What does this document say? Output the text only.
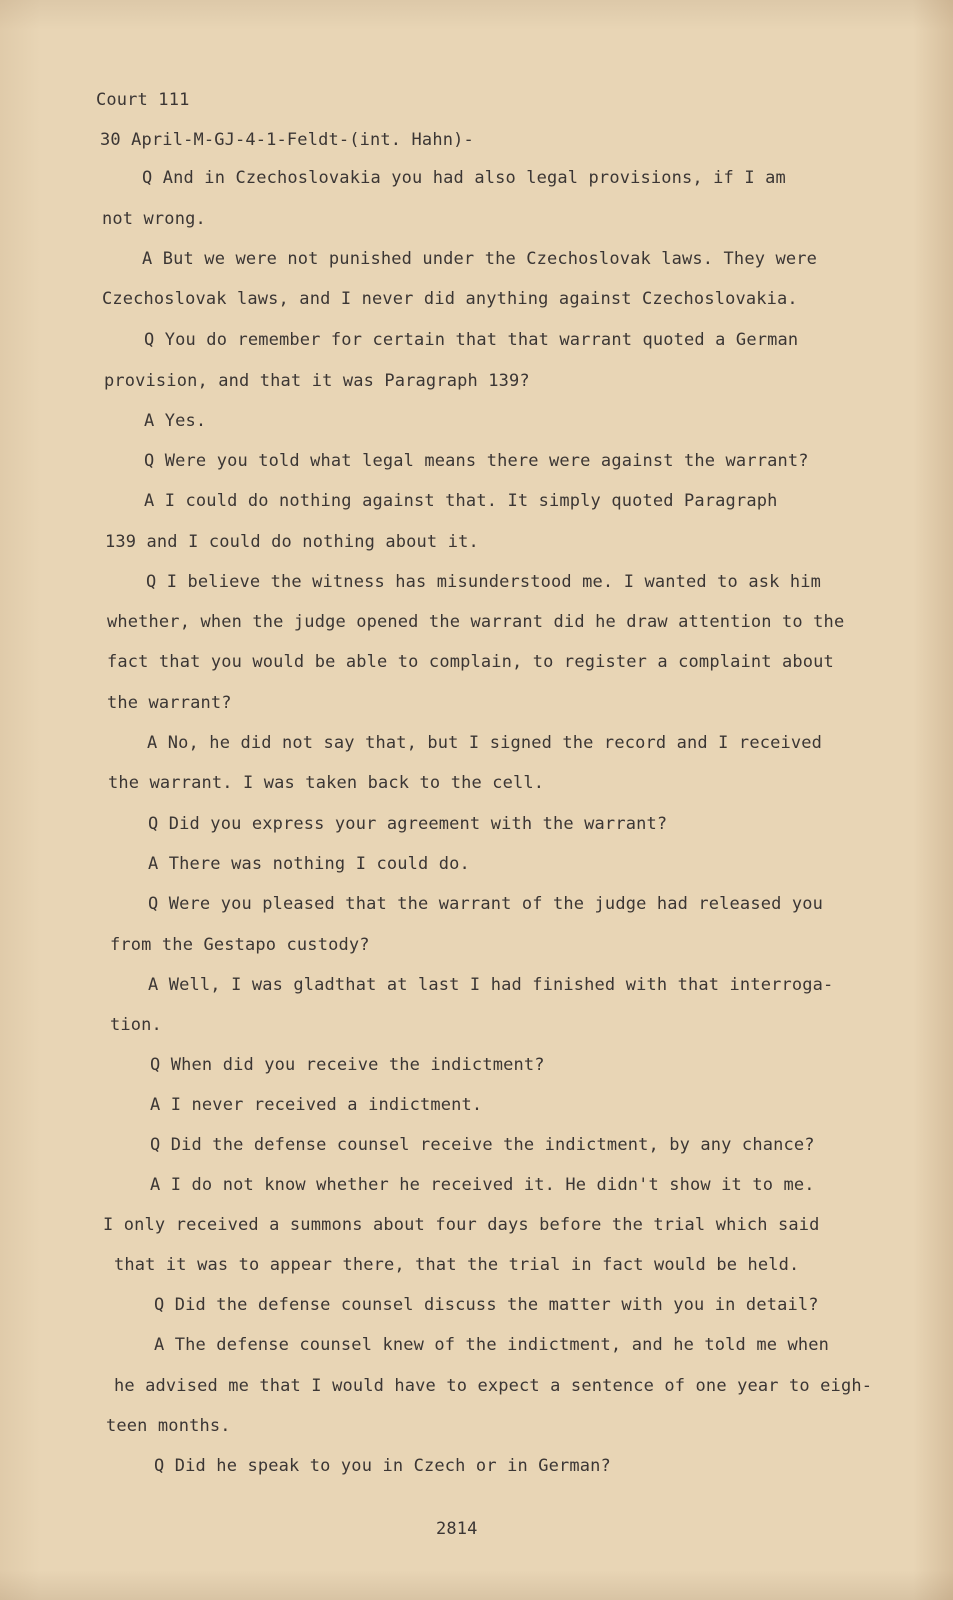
Court 111
30 April-M-GJ-4-1-Feldt-(int. Hahn)-
Q And in Czechoslovakia you had also legal provisions, if I am
not wrong.
A But we were not punished under the Czechoslovak laws. They were
Czechoslovak laws, and I never did anything against Czechoslovakia.
Q You do remember for certain that that warrant quoted a German
provision, and that it was Paragraph 139?
A Yes.
Q Were you told what legal means there were against the warrant?
A I could do nothing against that. It simply quoted Paragraph
139 and I could do nothing about it.
Q I believe the witness has misunderstood me. I wanted to ask him
whether, when the judge opened the warrant did he draw attention to the
fact that you would be able to complain, to register a complaint about
the warrant?
A No, he did not say that, but I signed the record and I received
the warrant. I was taken back to the cell.
Q Did you express your agreement with the warrant?
A There was nothing I could do.
Q Were you pleased that the warrant of the judge had released you
from the Gestapo custody?
A Well, I was gladthat at last I had finished with that interroga-
tion.
Q When did you receive the indictment?
A I never received a indictment.
Q Did the defense counsel receive the indictment, by any chance?
A I do not know whether he received it. He didn't show it to me.
I only received a summons about four days before the trial which said
that it was to appear there, that the trial in fact would be held.
Q Did the defense counsel discuss the matter with you in detail?
A The defense counsel knew of the indictment, and he told me when
he advised me that I would have to expect a sentence of one year to eigh-
teen months.
Q Did he speak to you in Czech or in German?
2814
